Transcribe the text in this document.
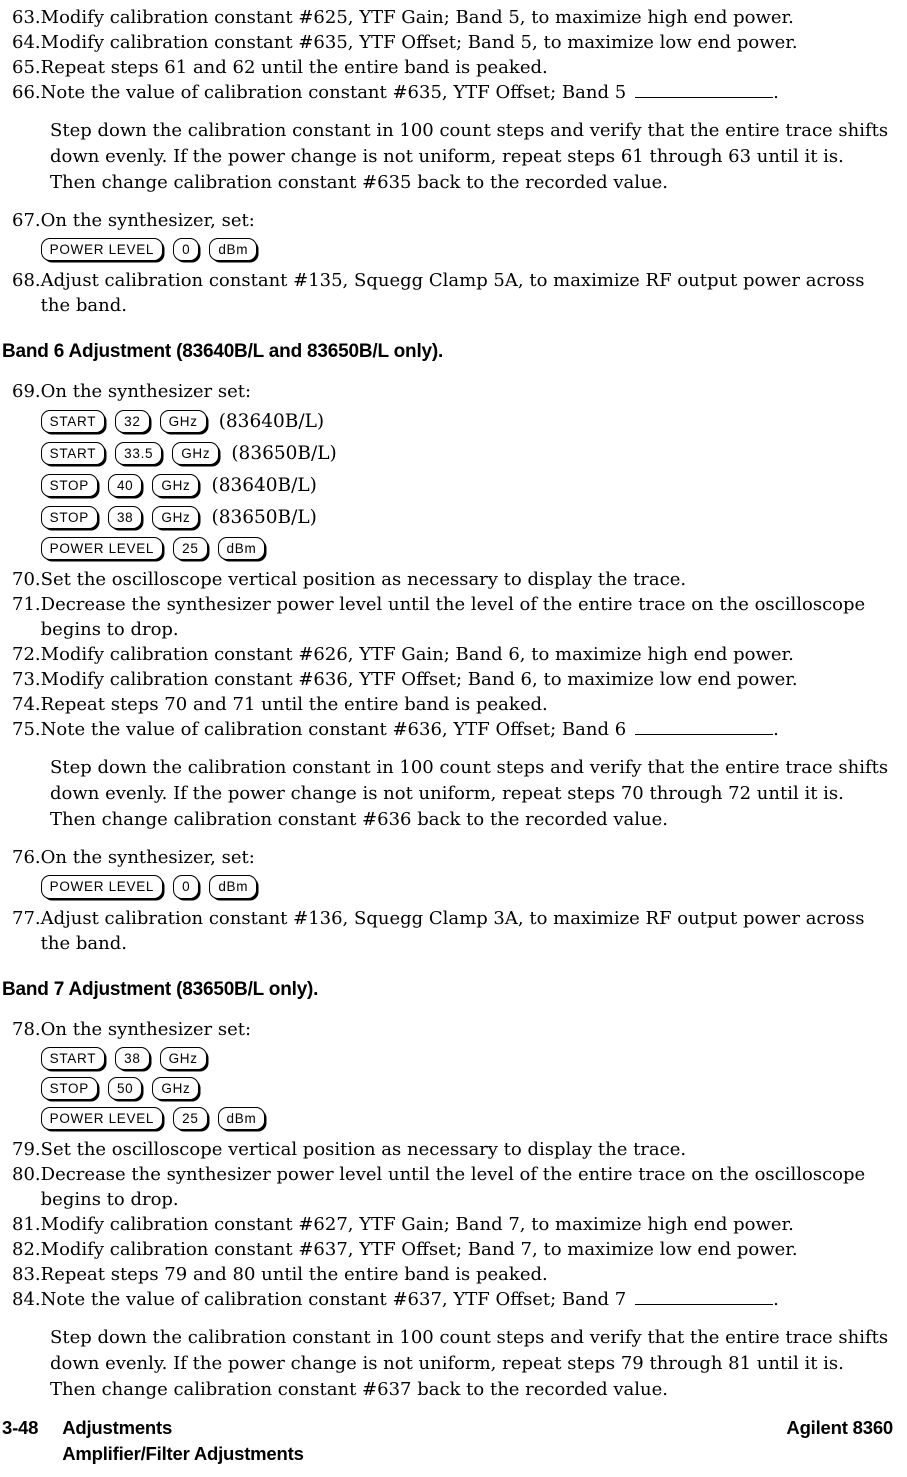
63. Modify calibration constant #625, YTF Gain; Band 5, to maximize high end power.
64. Modify calibration constant #635, YTF Offset; Band 5, to maximize low end power.
65. Repeat steps 61 and 62 until the entire band is peaked.
66. Note the value of calibration constant #635, YTF Offset; Band 5	.
Step down the calibration constant in 100 count steps and verify that the entire trace shifts down evenly. If the power change is not uniform, repeat steps 61 through 63 until it is. Then change calibration constant #635 back to the recorded value.
67. On the synthesizer, set:
POWER LEVEL	0	dBm
68. Adjust calibration constant #135, Squegg Clamp 5A, to maximize RF output power across the band.
Band 6 Adjustment (83640B/L and 83650B/L only).
69. On the synthesizer set:
START	32	GHz	(83640B/L)
START	33.5	GHz	(83650B/L)
STOP	40	GHz	(83640B/L)
STOP	38	GHz	(83650B/L)
POWER LEVEL	25	dBm
70. Set the oscilloscope vertical position as necessary to display the trace.
71. Decrease the synthesizer power level until the level of the entire trace on the oscilloscope begins to drop.
72. Modify calibration constant #626, YTF Gain; Band 6, to maximize high end power.
73. Modify calibration constant #636, YTF Offset; Band 6, to maximize low end power.
74. Repeat steps 70 and 71 until the entire band is peaked.
75. Note the value of calibration constant #636, YTF Offset; Band 6	.
Step down the calibration constant in 100 count steps and verify that the entire trace shifts down evenly. If the power change is not uniform, repeat steps 70 through 72 until it is. Then change calibration constant #636 back to the recorded value.
76. On the synthesizer, set:
POWER LEVEL	0	dBm
77. Adjust calibration constant #136, Squegg Clamp 3A, to maximize RF output power across the band.
Band 7 Adjustment (83650B/L only).
78. On the synthesizer set:
START	38	GHz
STOP	50	GHz
POWER LEVEL	25	dBm
79. Set the oscilloscope vertical position as necessary to display the trace.
80. Decrease the synthesizer power level until the level of the entire trace on the oscilloscope begins to drop.
81. Modify calibration constant #627, YTF Gain; Band 7, to maximize high end power.
82. Modify calibration constant #637, YTF Offset; Band 7, to maximize low end power.
83. Repeat steps 79 and 80 until the entire band is peaked.
84. Note the value of calibration constant #637, YTF Offset; Band 7	.
Step down the calibration constant in 100 count steps and verify that the entire trace shifts down evenly. If the power change is not uniform, repeat steps 79 through 81 until it is. Then change calibration constant #637 back to the recorded value.
3-48 Adjustments
Amplifier/Filter Adjustments
Agilent 8360
